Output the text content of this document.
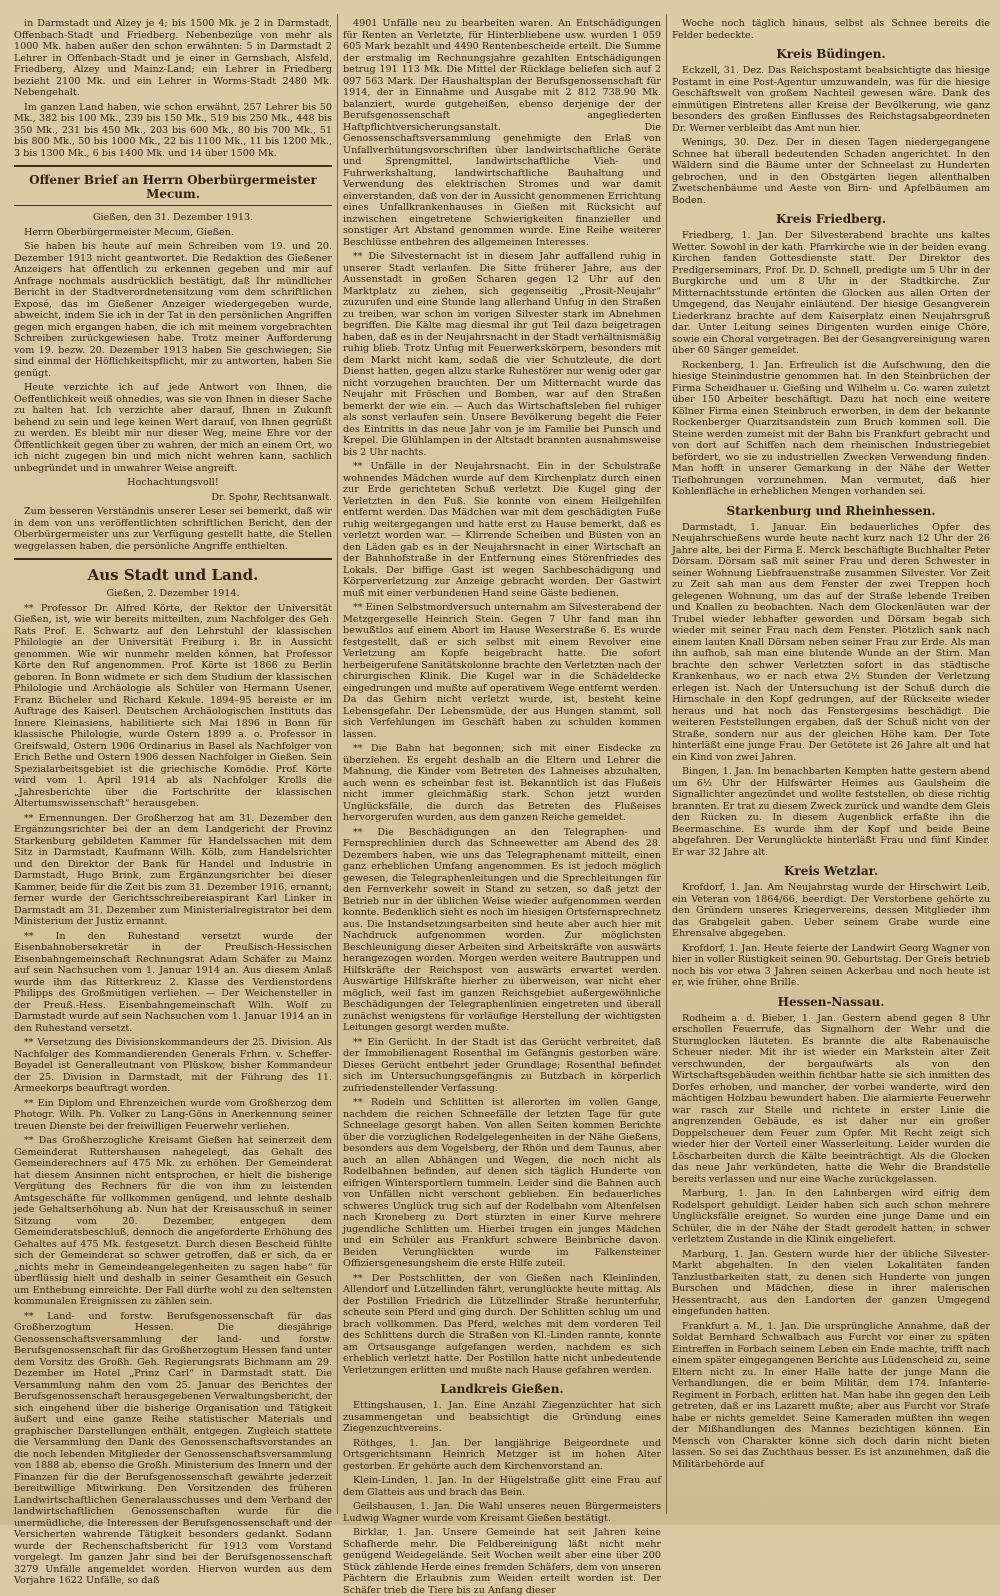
in Darmstadt und Alzey je 4; bis 1500 Mk. je 2 in Darmstadt, Offenbach-Stadt und Friedberg. Nebenbezüge von mehr als 1000 Mk. haben außer den schon erwähnten: 5 in Darmstadt 2 Lehrer in Offenbach-Stadt und je einer in Gernsbach, Alsfeld, Friedberg, Alzey und Mainz-Land; ein Lehrer in Friedberg bezieht 2100 Mk. und ein Lehrer in Worms-Stadt 2480 Mk. Nebengehalt.

Im ganzen Land haben, wie schon erwähnt, 257 Lehrer bis 50 Mk., 382 bis 100 Mk., 239 bis 150 Mk., 519 bis 250 Mk., 448 bis 350 Mk., 231 bis 450 Mk., 203 bis 600 Mk., 80 bis 700 Mk., 51 bis 800 Mk., 50 bis 1000 Mk., 22 bis 1100 Mk., 11 bis 1200 Mk., 3 bis 1300 Mk., 6 bis 1400 Mk. und 14 über 1500 Mk.

Offener Brief an Herrn Oberbürgermeister Mecum.

Gießen, den 31. Dezember 1913.

Herrn Oberbürgermeister Mecum, Gießen.

Sie haben bis heute auf mein Schreiben vom 19. und 20. Dezember 1913 nicht geantwortet. Die Redaktion des Gießener Anzeigers hat öffentlich zu erkennen gegeben und mir auf Anfrage nochmals ausdrücklich bestätigt, daß Ihr mündlicher Bericht in der Stadtverordnetensitzung vom dem schriftlichen Exposé, das im Gießener Anzeiger wiedergegeben wurde, abweicht, indem Sie ich in der Tat in den persönlichen Angriffen gegen mich ergangen haben, die ich mit meinem vorgebrachten Schreiben zurückgewiesen habe. Trotz meiner Aufforderung vom 19. bezw. 20. Dezember 1913 haben Sie geschwiegen; Sie sind einmal der Höflichkeitspflicht, mir zu antworten, haben Sie genügt.

Heute verzichte ich auf jede Antwort von Ihnen, die Oeffentlichkeit weiß ohnedies, was sie von Ihnen in dieser Sache zu halten hat. Ich verzichte aber darauf, Ihnen in Zukunft behend zu sein und lege keinen Wert darauf, von Ihnen gegrüßt zu werden. Es bleibt mir nur dieser Weg, meine Ehre vor der Öffentlichkeit gegen über zu wahren, der mich an einem Ort, wo ich nicht zugegen bin und mich nicht wehren kann, sachlich unbegründet und in unwahrer Weise angreift.

Hochachtungsvoll!

Dr. Spohr, Rechtsanwalt.

Zum besseren Verständnis unserer Leser sei bemerkt, daß wir in dem von uns veröffentlichten schriftlichen Bericht, den der Oberbürgermeister uns zur Verfügung gestellt hatte, die Stellen weggelassen haben, die persönliche Angriffe enthielten.

Aus Stadt und Land.

Gießen, 2. Dezember 1914.

** Professor Dr. Alfred Körte, der Rektor der Universität Gießen, ist, wie wir bereits mitteilten, zum Nachfolger des Geh. Rats Prof. E. Schwartz auf den Lehrstuhl der klassischen Philologie an der Universität Freiburg i. Br. in Aussicht genommen. Wie wir nunmehr melden können, hat Professor Körte den Ruf angenommen. Prof. Körte ist 1866 zu Berlin geboren. In Bonn widmete er sich dem Studium der klassischen Philologie und Archäologie als Schüler von Hermann Usener, Franz Bücheler und Richard Kekule. 1894–95 bereiste er im Auftrage des Kaiserl. Deutschen Archäologischen Instituts das Innere Kleinasiens, habilitierte sich Mai 1896 in Bonn für klassische Philologie, wurde Ostern 1899 a. o. Professor in Greifswald, Ostern 1906 Ordinarius in Basel als Nachfolger von Erich Bethe und Ostern 1906 dessen Nachfolger in Gießen. Sein Spezialarbeitsgebiet ist die griechische Komödie. Prof. Körte wird vom 1. April 1914 ab als Nachfolger Krolls die „Jahresberichte über die Fortschritte der klassischen Altertumswissenschaft“ herausgeben.

** Ernennungen. Der Großherzog hat am 31. Dezember den Ergänzungsrichter bei der an dem Landgericht der Provinz Starkenburg gebildeten Kammer für Handelssachen mit dem Sitz in Darmstadt, Kaufmann Wilh. Kölb, zum Handelsrichter und den Direktor der Bank für Handel und Industrie in Darmstadt, Hugo Brink, zum Ergänzungsrichter bei dieser Kammer, beide für die Zeit bis zum 31. Dezember 1916, ernannt; ferner wurde der Gerichtsschreibereiaspirant Karl Linker in Darmstadt am 31. Dezember zum Ministerialregistrator bei dem Ministerium der Justiz ernannt.

** In den Ruhestand versetzt wurde der Eisenbahnobersekretär in der Preußisch-Hessischen Eisenbahngemeinschaft Rechnungsrat Adam Schäfer zu Mainz auf sein Nachsuchen vom 1. Januar 1914 an. Aus diesem Anlaß wurde ihm das Ritterkreuz 2. Klasse des Verdienstordens Philipps des Großmütigen verliehen. — Der Weichensteller in der Preuß.-Hess. Eisenbahngemeinschaft Wilh. Wolf zu Darmstadt wurde auf sein Nachsuchen vom 1. Januar 1914 an in den Ruhestand versetzt.

** Versetzung des Divisionskommandeurs der 25. Division. Als Nachfolger des Kommandierenden Generals Frhrn. v. Scheffer-Boyadel ist Generalleutnant von Plüskow, bisher Kommandeur der 25. Division in Darmstadt, mit der Führung des 11. Armeekorps beauftragt worden.

** Ein Diplom und Ehrenzeichen wurde vom Großherzog dem Photogr. Wilh. Ph. Volker zu Lang-Göns in Anerkennung seiner treuen Dienste bei der freiwilligen Feuerwehr verliehen.

** Das Großherzogliche Kreisamt Gießen hat seinerzeit dem Gemeinderat Ruttershausen nahegelegt, das Gehalt des Gemeinderechners auf 475 Mk. zu erhöhen. Der Gemeinderat hat diesem Ansinnen nicht entsprochen, er hielt die bisherige Vergütung des Rechners für die von ihm zu leistenden Amtsgeschäfte für vollkommen genügend, und lehnte deshalb jede Gehaltserhöhung ab. Nun hat der Kreisausschuß in seiner Sitzung vom 20. Dezember, entgegen dem Gemeinderatsbeschluß, dennoch die angeforderte Erhöhung des Gehaltes auf 475 Mk. festgesetzt. Durch diesen Bescheid fühlte sich der Gemeinderat so schwer getroffen, daß er sich, da er „nichts mehr in Gemeindeangelegenheiten zu sagen habe“ für überflüssig hielt und deshalb in seiner Gesamtheit ein Gesuch um Enthebung einreichte. Der Fall dürfte wohl zu den seltensten kommunalen Ereignissen zu zählen sein.

** Land- und forstw. Berufsgenossenschaft für das Großherzogtum Hessen. Die diesjährige Genossenschaftsversammlung der land- und forstw. Berufsgenossenschaft für das Großherzogtum Hessen fand unter dem Vorsitz des Großh. Geh. Regierungsrats Bichmann am 29. Dezember im Hotel „Prinz Carl“ in Darmstadt statt. Die Versammlung nahm den vom 25. Januar des Berichtes der Berufsgenossenschaft herausgegebenen Verwaltungsbericht, der sich eingehend über die bisherige Organisation und Tätigkeit äußert und eine ganze Reihe statistischer Materials und graphischer Darstellungen enthält, entgegen. Zugleich stattete die Versammlung den Dank des Genossenschaftsvorstandes an die noch lebenden Mitglieder der Genossenschaftsversammlung von 1888 ab, ebenso die Großh. Ministerium des Innern und der Finanzen für die der Berufsgenossenschaft gewährte jederzeit bereitwillige Mitwirkung. Den Vorsitzenden des früheren Landwirtschaftlichen Generalausschusses und dem Verband der landwirtschaftlichen Genossenschaften wurde für die unermüdliche, die Interessen der Berufsgenossenschaft und der Versicherten wahrende Tätigkeit besonders gedankt. Sodann wurde der Rechenschaftsbericht für 1913 vom Vorstand vorgelegt. Im ganzen Jahr sind bei der Berufsgenossenschaft 3279 Unfälle angemeldet worden. Hiervon wurden aus dem Vorjahre 1622 Unfälle, so daß

4901 Unfälle neu zu bearbeiten waren. An Entschädigungen für Renten an Verletzte, für Hinterbliebene usw. wurden 1 059 605 Mark bezahlt und 4490 Rentenbescheide erteilt. Die Summe der erstmalig im Rechnungsjahre gezahlten Entschädigungen betrug 191 113 Mk. Die Mittel der Rücklage beliefen sich auf 2 097 563 Mark. Der Haushaltsplan der Berufsgenossenschaft für 1914, der in Einnahme und Ausgabe mit 2 812 738.90 Mk. balanziert, wurde gutgeheißen, ebenso derjenige der der Berufsgenossenschaft angegliederten Haftpflichtversicherungsanstalt. Die Genossenschaftsversammlung genehmigte den Erlaß von Unfallverhütungsvorschriften über landwirtschaftliche Geräte und Sprengmittel, landwirtschaftliche Vieh- und Fuhrwerkshaltung, landwirtschaftliche Bauhaltung und Verwendung des elektrischen Stromes und war damit einverstanden, daß von der in Aussicht genommenen Errichtung eines Unfallkrankenhauses in Gießen mit Rücksicht auf inzwischen eingetretene Schwierigkeiten finanzieller und sonstiger Art Abstand genommen wurde. Eine Reihe weiterer Beschlüsse entbehren des allgemeinen Interesses.

** Die Silvesternacht ist in diesem Jahr auffallend ruhig in unserer Stadt verlaufen. Die Sitte früherer Jahre, aus der Aussenstadt in großen Scharen gegen 12 Uhr auf den Marktplatz zu ziehen, sich gegenseitig „Prosit-Neujahr“ zuzurufen und eine Stunde lang allerhand Unfug in den Straßen zu treiben, war schon im vorigen Silvester stark im Abnehmen begriffen. Die Kälte mag diesmal ihr gut Teil dazu beigetragen haben, daß es in der Neujahrsnacht in der Stadt verhältnismäßig ruhig blieb. Trotz Unfug mit Feuerwerkskörpern, besonders mit dem Markt nicht kam, sodaß die vier Schutzleute, die dort Dienst hatten, gegen allzu starke Ruhestörer nur wenig oder gar nicht vorzugehen brauchten. Der um Mitternacht wurde das Neujahr mit Fröschen und Bomben, war auf den Straßen bemerkt der wie ein. — Auch das Wirtschaftsleben fiel ruhiger als sonst verlaufen sein. Unsere Bevölkerung begeht die Feier des Eintritts in das neue Jahr von je im Familie bei Punsch und Krepel. Die Glühlampen in der Altstadt brannten ausnahmsweise bis 2 Uhr nachts.

** Unfälle in der Neujahrsnacht. Ein in der Schulstraße wohnendes Mädchen wurde auf dem Kirchenplatz durch einen zur Erde gerichteten Schuß verletzt. Die Kugel ging der Verletzten in den Fuß. Sie konnte von einem Heilgehilfen entfernt werden. Das Mädchen war mit dem geschädigten Fuße ruhig weitergegangen und hatte erst zu Hause bemerkt, daß es verletzt worden war. — Klirrende Scheiben und Büsten von an den Läden gab es in der Neujahrsnacht in einer Wirtschaft an der Bahnhofstraße in der Entfernung eines Störenfriedes des Lokals. Der biffige Gast ist wegen Sachbeschädigung und Körperverletzung zur Anzeige gebracht worden. Der Gastwirt muß mit einer verbundenen Hand seine Gäste bedienen.

** Einen Selbstmordversuch unternahm am Silvesterabend der Metzgergeselle Heinrich Stein. Gegen 7 Uhr fand man ihn bewußtlos auf einem Abort im Hause Weserstraße 6. Es wurde festgestellt, daß er sich selbst mit einem Revolver eine Verletzung am Kopfe beigebracht hatte. Die sofort herbeigerufene Sanitätskolonne brachte den Verletzten nach der chirurgischen Klinik. Die Kugel war in die Schädeldecke eingedrungen und mußte auf operativem Wege entfernt werden. Da das Gehirn nicht verletzt wurde, ist, besteht keine Lebensgefahr. Der Lebensmüde, der aus Hungen stammt, soll sich Verfehlungen im Geschäft haben zu schulden kommen lassen.

** Die Bahn hat begonnen, sich mit einer Eisdecke zu überziehen. Es ergeht deshalb an die Eltern und Lehrer die Mahnung, die Kinder vom Betreten des Lahneises abzuhalten, auch wenn es scheinbar fest ist. Bekanntlich ist das Flußeis nicht immer gleichmäßig stark. Schon jetzt wurden Unglücksfälle, die durch das Betreten des Flußeises hervorgerufen wurden, aus dem ganzen Reiche gemeldet.

** Die Beschädigungen an den Telegraphen- und Fernsprechlinien durch das Schneewetter am Abend des 28. Dezembers haben, wie uns das Telegraphenamt mitteilt, einen ganz erheblichen Umfang angenommen. Es ist jedoch möglich gewesen, die Telegraphenleitungen und die Sprechleitungen für den Fernverkehr soweit in Stand zu setzen, so daß jetzt der Betrieb nur in der üblichen Weise wieder aufgenommen werden konnte. Bedenklich sieht es noch im hiesigen Ortsfernsprechnetz aus. Die Instandsetzungsarbeiten sind heute aber auch hier mit Nachdruck aufgenommen worden. Zur möglichsten Beschleunigung dieser Arbeiten sind Arbeitskräfte von auswärts herangezogen worden. Morgen werden weitere Bautruppen und Hilfskräfte der Reichspost von auswärts erwartet werden. Auswärtige Hilfskräfte hierher zu überweisen, war nicht eher möglich, weil fast im ganzen Reichsgebiet außergewöhnliche Beschädigungen der Telegraphenlinien eingetreten und überall zunächst wenigstens für vorläufige Herstellung der wichtigsten Leitungen gesorgt werden mußte.

** Ein Gerücht. In der Stadt ist das Gerücht verbreitet, daß der Immobilienagent Rosenthal im Gefängnis gestorben wäre. Dieses Gerücht entbehrt jeder Grundlage; Rosenthal befindet sich im Untersuchungsgefängnis zu Butzbach in körperlich zufriedenstellender Verfassung.

** Rodeln und Schlitten ist allerorten im vollen Gange, nachdem die reichen Schneefälle der letzten Tage für gute Schneelage gesorgt haben. Von allen Seiten kommen Berichte über die vorzüglichen Rodelgelegenheiten in der Nähe Gießens, besonders aus dem Vogelsberg, der Rhön und dem Taunus, aber auch an allen Abhängen und Wegen, die noch nicht als Rodelbahnen befinden, auf denen sich täglich Hunderte von eifrigen Wintersportlern tummeln. Leider sind die Bahnen auch von Unfällen nicht verschont geblieben. Ein bedauerliches schweres Unglück trug sich auf der Rodelbahn vom Altenfelsen nach Kroneberg zu. Dort stürzten in einer Kurve mehrere jugendliche Schlitten um. Hierbei trugen ein junges Mädchen und ein Schüler aus Frankfurt schwere Beinbrüche davon. Beiden Verunglückten wurde im Falkensteiner Offiziersgenesungsheim die erste Hilfe zuteil.

** Der Postschlitten, der von Gießen nach Kleinlinden, Allendorf und Lützellinden fährt, verunglückte heute mittag. Als der Postillon Friedrich die Lützellinder Straße herunterfuhr, scheute sein Pferd und ging durch. Der Schlitten schlug um und brach vollkommen. Das Pferd, welches mit dem vorderen Teil des Schlittens durch die Straßen von Kl.-Linden rannte, konnte am Ortsausgange aufgefangen werden, nachdem es sich erheblich verletzt hatte. Der Postillon hatte nicht unbedeutende Verletzungen erlitten und mußte nach Hause gefahren werden.

Landkreis Gießen.

Ettingshausen, 1. Jan. Eine Anzahl Ziegenzüchter hat sich zusammengetan und beabsichtigt die Gründung eines Ziegenzuchtvereins.

Röthges, 1. Jan. Der langjährige Beigeordnete und Ortsgerichtsmann Heinrich Metzger ist im hohen Alter gestorben. Er gehörte auch dem Kirchenvorstand an.

Klein-Linden, 1. Jan. In der Hügelstraße glitt eine Frau auf dem Glatteis aus und brach das Bein.

Geilshausen, 1. Jan. Die Wahl unseres neuen Bürgermeisters Ludwig Wagner wurde vom Kreisamt Gießen bestätigt.

Birklar, 1. Jan. Unsere Gemeinde hat seit Jahren keine Schafherde mehr. Die Feldbereinigung läßt nicht mehr genügend Weidegelände. Seit Wochen weilt aber eine über 200 Stück zählende Herde eines fremden Schäfers, dem von unseren Pächtern die Erlaubnis zum Weiden erteilt worden ist. Der Schäfer trieb die Tiere bis zu Anfang dieser

Woche noch täglich hinaus, selbst als Schnee bereits die Felder bedeckte.

Kreis Büdingen.

Eckzell, 31. Dez. Das Reichspostamt beabsichtigte das hiesige Postamt in eine Post-Agentur umzuwandeln, was für die hiesige Geschäftswelt von großem Nachteil gewesen wäre. Dank des einmütigen Eintretens aller Kreise der Bevölkerung, wie ganz besonders des großen Einflusses des Reichstagsabgeordneten Dr. Werner verbleibt das Amt nun hier.

Wenings, 30. Dez. Der in diesen Tagen niedergegangene Schnee hat überall bedeutenden Schaden angerichtet. In den Wäldern sind die Bäume unter der Schneelast zu Hunderten gebrochen, und in den Obstgärten liegen allenthalben Zwetschenbäume und Aeste von Birn- und Apfelbäumen am Boden.

Kreis Friedberg.

Friedberg, 1. Jan. Der Silvesterabend brachte uns kaltes Wetter. Sowohl in der kath. Pfarrkirche wie in der beiden evang. Kirchen fanden Gottesdienste statt. Der Direktor des Predigerseminars, Prof. Dr. D. Schnell, predigte um 5 Uhr in der Burgkirche und um 8 Uhr in der Stadtkirche. Zur Mitternachtsstunde ertönten die Glocken aus allen Orten der Umgegend, das Neujahr einläutend. Der hiesige Gesangverein Liederkranz brachte auf dem Kaiserplatz einen Neujahrsgruß dar. Unter Leitung seines Dirigenten wurden einige Chöre, sowie ein Choral vorgetragen. Bei der Gesangvereinigung waren über 60 Sänger gemeldet.

Rockenberg, 1. Jan. Erfreulich ist die Aufschwung, den die hiesige Steinindustrie genommen hat. In den Steinbrüchen der Firma Scheidhauer u. Gießing und Wilhelm u. Co. waren zuletzt über 150 Arbeiter beschäftigt. Dazu hat noch eine weitere Kölner Firma einen Steinbruch erworben, in dem der bekannte Rockenberger Quarzitsandstein zum Bruch kommen soll. Die Steine werden zumeist mit der Bahn bis Frankfurt gebracht und von dort auf Schiffen nach dem rheinischen Industriegebiet befördert, wo sie zu industriellen Zwecken Verwendung finden. Man hofft in unserer Gemarkung in der Nähe der Wetter Tiefbohrungen vorzunehmen. Man vermutet, daß hier Kohlenfläche in erheblichen Mengen vorhanden sei.

Starkenburg und Rheinhessen.

Darmstadt, 1. Januar. Ein bedauerliches Opfer des Neujahrschießens wurde heute nacht kurz nach 12 Uhr der 26 Jahre alte, bei der Firma E. Merck beschäftigte Buchhalter Peter Dörsam. Dörsam saß mit seiner Frau und deren Schwester in seiner Wohnung Liebfrauenstraße zusammen Silvester. Vor Zeit zu Zeit sah man aus dem Fenster der zwei Treppen hoch gelegenen Wohnung, um das auf der Straße lebende Treiben und Knallen zu beobachten. Nach dem Glockenläuten war der Trubel wieder lebhafter geworden und Dörsam begab sich wieder mit seiner Frau nach dem Fenster. Plötzlich sank nach einem lauten Knall Dörsam neben seiner Frau zur Erde. Als man ihn aufhob, sah man eine blutende Wunde an der Stirn. Man brachte den schwer Verletzten sofort in das städtische Krankenhaus, wo er nach etwa 2½ Stunden der Verletzung erlegen ist. Nach der Untersuchung ist der Schuß durch die Hirnschale in den Kopf gedrungen, auf der Rückseite wieder heraus und hat noch das Fenstergesims beschädigt. Die weiteren Feststellungen ergaben, daß der Schuß nicht von der Straße, sondern nur aus der gleichen Höhe kam. Der Tote hinterläßt eine junge Frau. Der Getötete ist 26 Jahre alt und hat ein Kind von zwei Jahren.

Bingen, 1. Jan. Im benachbarten Kempten hatte gestern abend um 6½ Uhr der Hilfswärter Heimes aus Gaulsheim die Signallichter angezündet und wollte feststellen, ob diese richtig brannten. Er trat zu diesem Zweck zurück und wandte dem Gleis den Rücken zu. In diesem Augenblick erfaßte ihn die Beermaschine. Es wurde ihm der Kopf und beide Beine abgefahren. Der Verunglückte hinterläßt Frau und fünf Kinder. Er war 32 Jahre alt.

Kreis Wetzlar.

Krofdorf, 1. Jan. Am Neujahrstag wurde der Hirschwirt Leib, ein Veteran von 1864/66, beerdigt. Der Verstorbene gehörte zu den Gründern unseres Kriegervereins, dessen Mitglieder ihm das Grabgeleit gaben. Ueber seinem Grabe wurde eine Ehrensalve abgegeben.

Krofdorf, 1. Jan. Heute feierte der Landwirt Georg Wagner von hier in voller Rüstigkeit seinen 90. Geburtstag. Der Greis betrieb noch bis vor etwa 3 Jahren seinen Ackerbau und noch heute ist er, wie früher, ohne Brille.

Hessen-Nassau.

Rodheim a. d. Bieber, 1. Jan. Gestern abend gegen 8 Uhr erschollen Feuerrufe, das Signalhorn der Wehr und die Sturmglocken läuteten. Es brannte die alte Rabenauische Scheuer nieder. Mit ihr ist wieder ein Markstein alter Zeit verschwunden, der bergaufwärts als von den Wirtschaftsgebäuden weithin fichtbar hatte sie sich inmitten des Dorfes erhoben, und mancher, der vorbei wanderte, wird den mächtigen Holzbau bewundert haben. Die alarmierte Feuerwehr war rasch zur Stelle und richtete in erster Linie die angrenzenden Gebäude, es ist daher nur ein großer Doppelscheuer dem Feuer zum Opfer. Mit Recht zeigt sich wieder hier der Vorteil einer Wasserleitung. Leider wurden die Löscharbeiten durch die Kälte beeinträchtigt. Als die Glocken das neue Jahr verkündeten, hatte die Wehr die Brandstelle bereits verlassen und nur eine Wache zurückgelassen.

Marburg, 1. Jan. In den Lahnbergen wird eifrig dem Rodelsport gehuldigt. Leider haben sich auch schon mehrere Unglücksfälle ereignet. So wurden eine junge Dame und ein Schüler, die in der Nähe der Stadt gerodelt hatten, in schwer verletztem Zustande in die Klinik eingeliefert.

Marburg, 1. Jan. Gestern wurde hier der übliche Silvester-Markt abgehalten. In den vielen Lokalitäten fanden Tanzlustbarkeiten statt, zu denen sich Hunderte von jungen Burschen und Mädchen, diese in ihrer malerischen Hessentracht, aus den Landorten der ganzen Umgegend eingefunden hatten.

Frankfurt a. M., 1. Jan. Die ursprüngliche Annahme, daß der Soldat Bernhard Schwalbach aus Furcht vor einer zu späten Eintreffen in Forbach seinem Leben ein Ende machte, trifft nach einem später eingegangenen Berichte aus Lüdenscheid zu, seine Eltern nicht zu. In einer Halle hatte der junge Mann die Verhandlungen, die er beim Militär, dem 174. Infanterie-Regiment in Forbach, erlitten hat. Man habe ihn gegen den Leib getreten, daß er ins Lazarett mußte; aber aus Furcht vor Strafe habe er nichts gemeldet. Seine Kameraden müßten ihn wegen der Mißhandlungen des Mannes bezichtigen können. Ein Mensch von Charakter könne sich doch darin nicht bieten lassen. So sei das Zuchthaus besser. Es ist anzunehmen, daß die Militärbehörde auf
